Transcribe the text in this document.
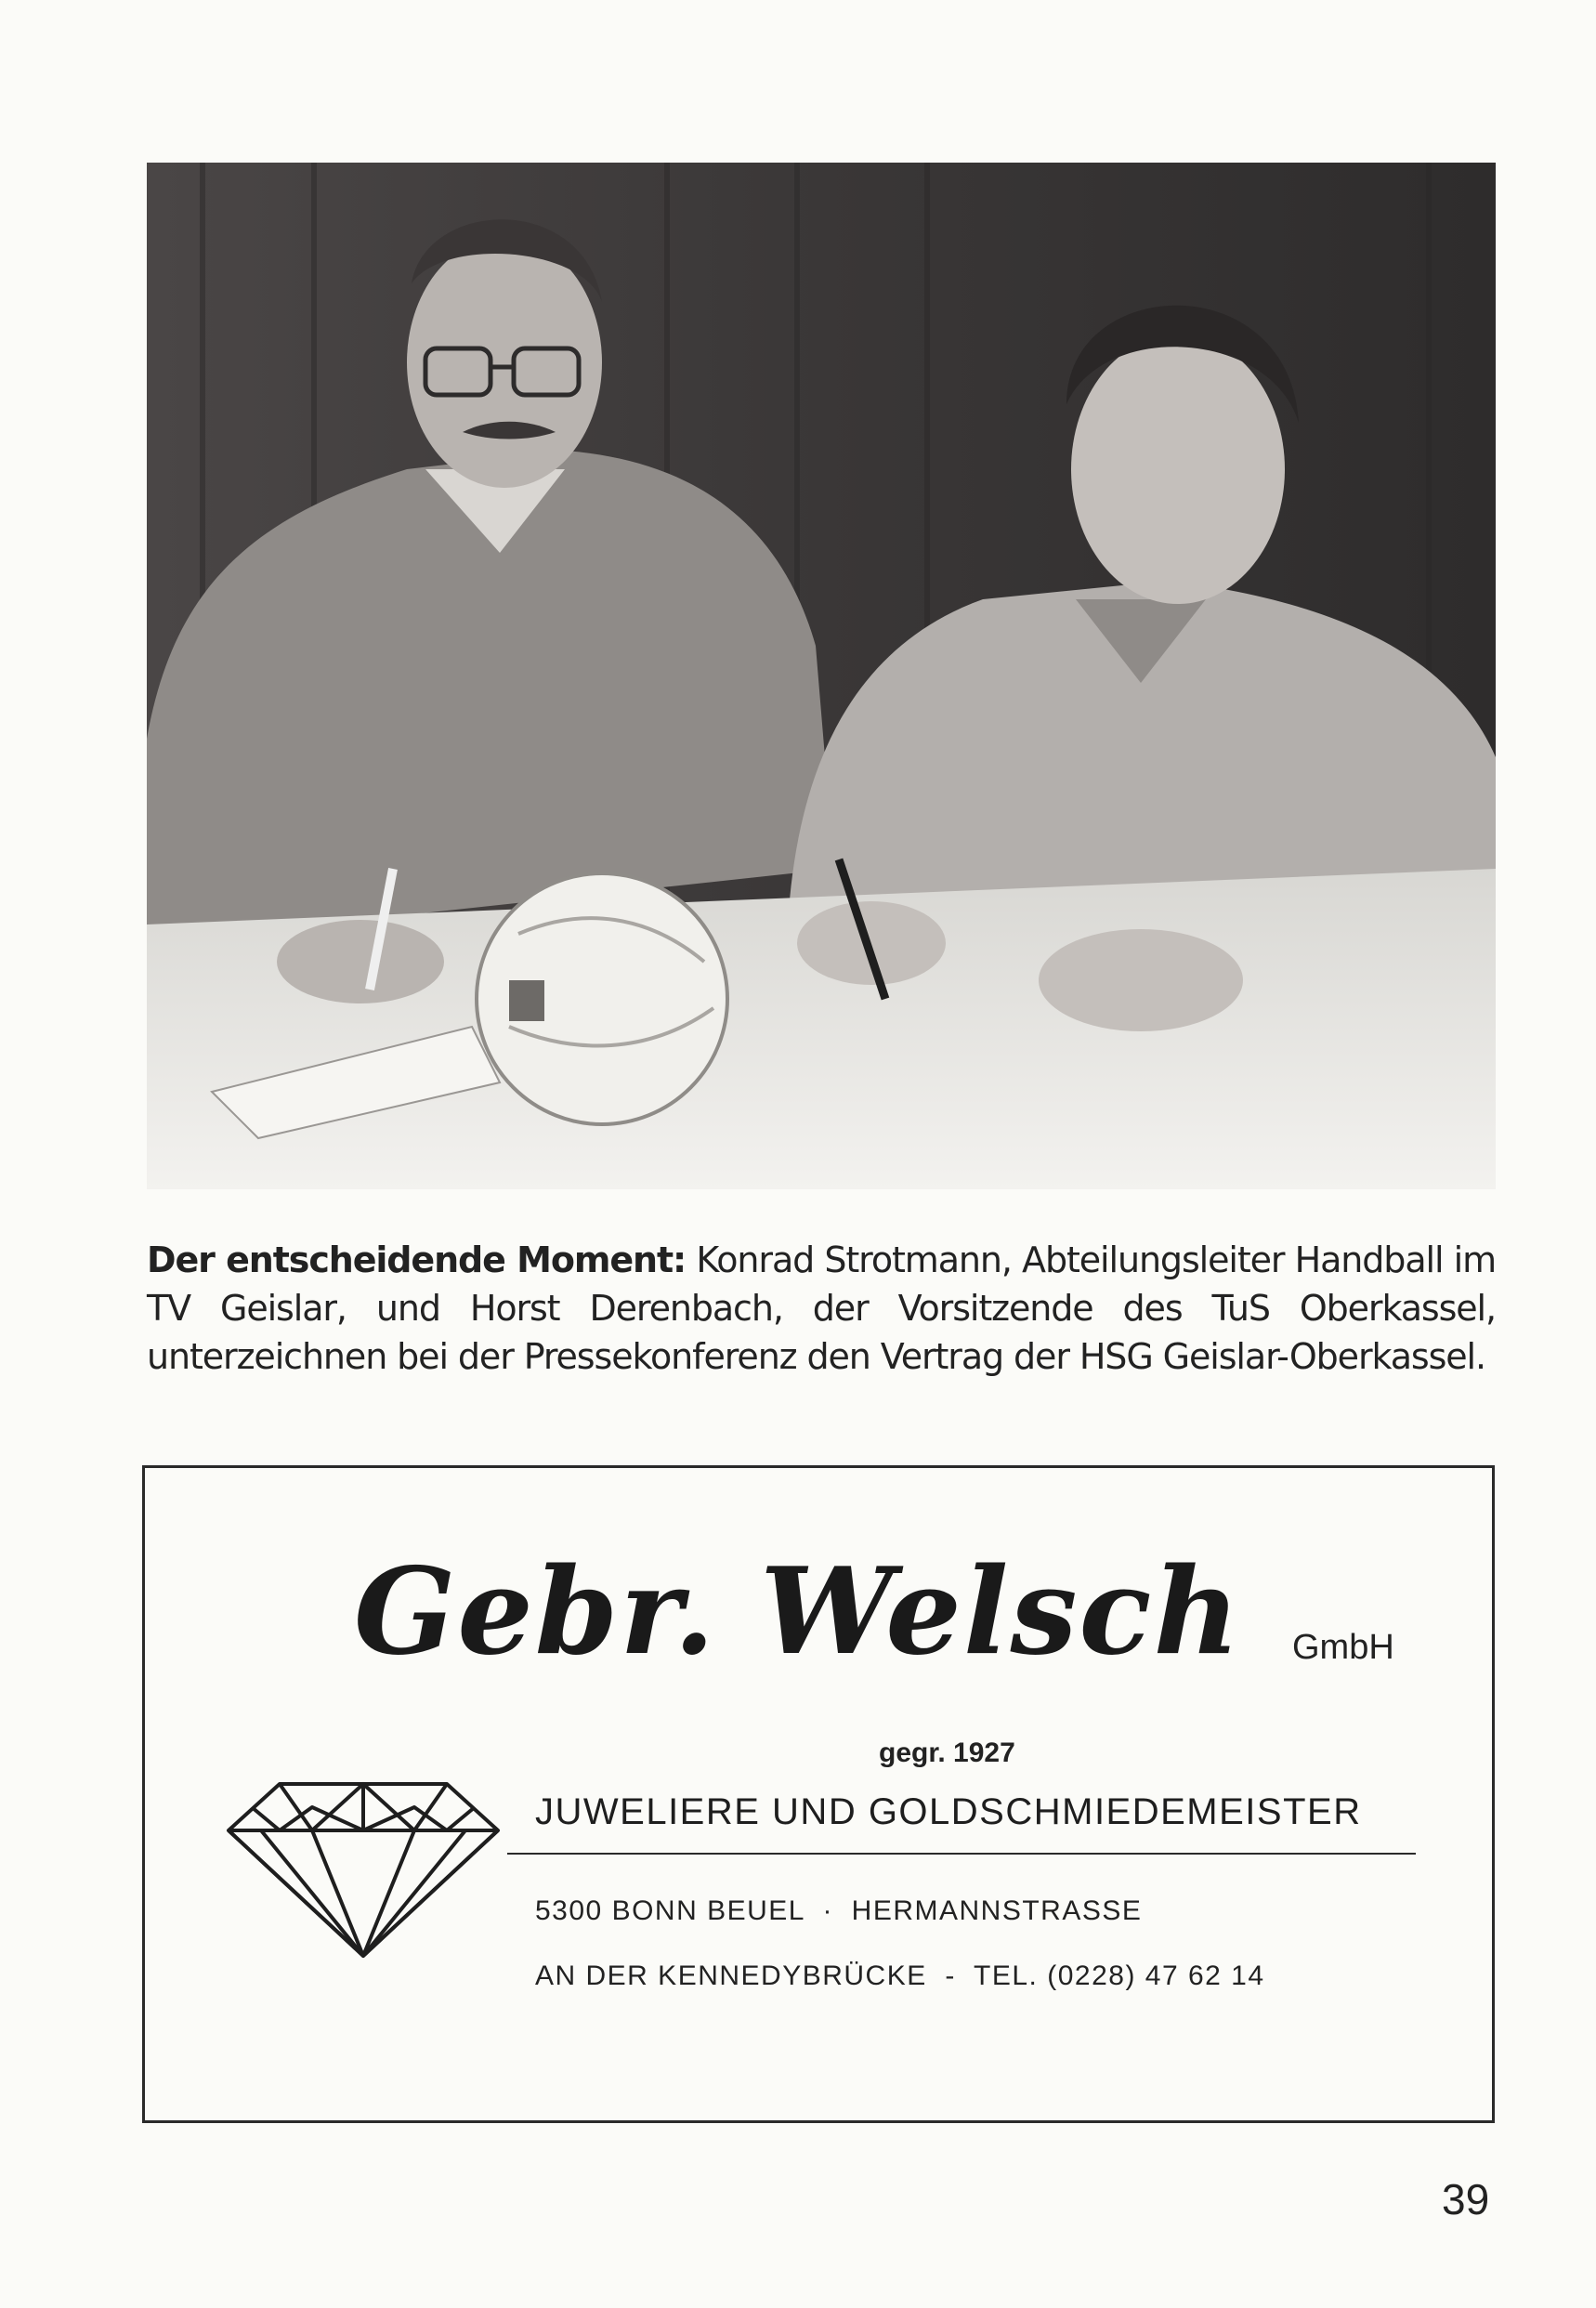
Der entscheidende Moment: Konrad Strotmann, Abteilungsleiter Handball im TV Geislar, und Horst Derenbach, der Vorsitzende des TuS Oberkassel, unterzeichnen bei der Pressekonferenz den Vertrag der HSG Geislar-Oberkassel.
Gebr. Welsch GmbH
gegr. 1927
JUWELIERE UND GOLDSCHMIEDEMEISTER
5300 BONN BEUEL  ·  HERMANNSTRASSE
AN DER KENNEDYBRÜCKE  -  TEL. (0228) 47 62 14
39
